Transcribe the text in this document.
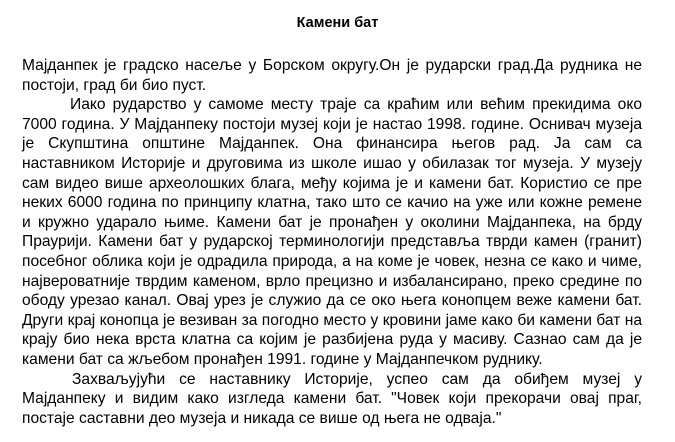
Камени бат

Мајданпек је градско насеље у Борском округу.Он је рударски град.Да рудника не постоји, град би био пуст.

Иако рударство у самоме месту траје са краћим или већим прекидима око 7000 година. У Мајданпеку постоји музеј који је настао 1998. године. Оснивач музеја је Скупштина општине Мајданпек. Она финансира његов рад. Ја сам са наставником Историје и друговима из школе ишао у обилазак тог музеја. У музеју сам видео више археолошких блага, међу којима је и камени бат. Користио се пре неких 6000 година по принципу клатна, тако што се качио на уже или кожне ремене и кружно ударало њиме. Камени бат је пронађен у околини Мајданпека, на брду Праурији. Камени бат у рударској терминологији представља тврди камен (гранит) посебног облика који је одрадила природа, а на коме је човек, незна се како и чиме, највероватније тврдим каменом, врло прецизно и избалансирано, преко средине по ободу урезао канал. Овај урез је служио да се око њега конопцем веже камени бат. Други крај конопца је везиван за погодно место у кровини јаме како би камени бат на крају био нека врста клатна са којим је разбијена руда у масиву. Сазнао сам да је камени бат са жљебом пронађен 1991. године у Мајданпечком руднику.

Захваљујући се наставнику Историје, успео сам да обиђем музеј у Мајданпеку и видим како изгледа камени бат. "Човек који прекорачи овај праг, постаје саставни део музеја и никада се више од њега не одваја."
